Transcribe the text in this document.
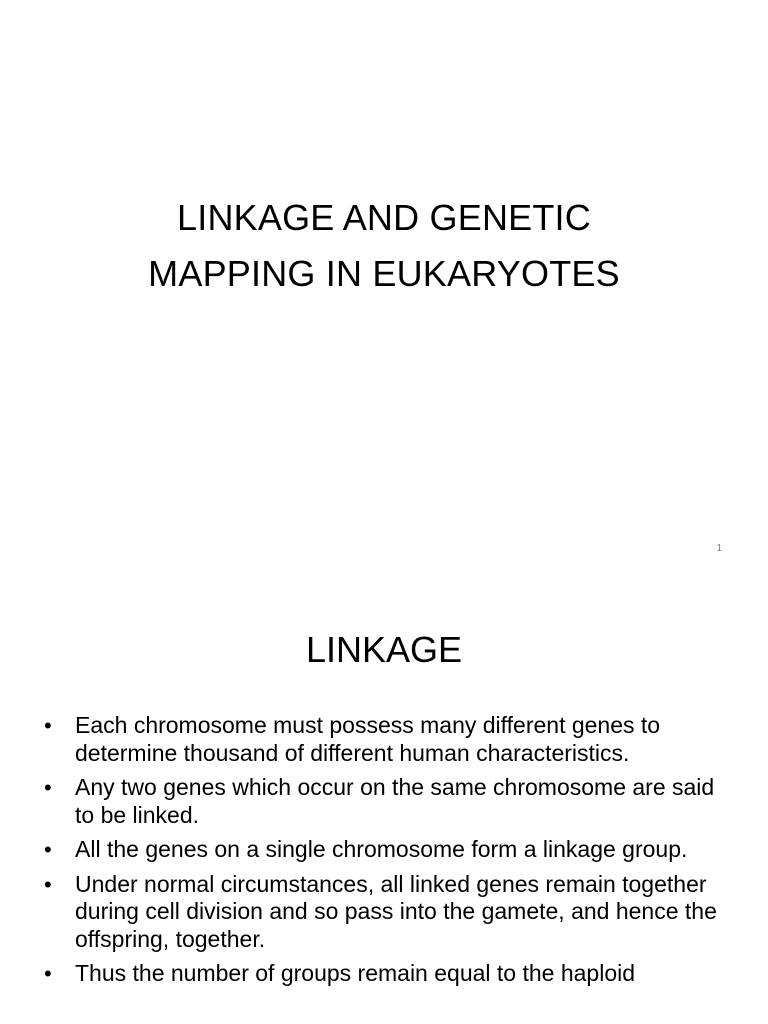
LINKAGE AND GENETIC
MAPPING IN EUKARYOTES
1
LINKAGE
• Each chromosome must possess many different genes to determine thousand of different human characteristics.
• Any two genes which occur on the same chromosome are said to be linked.
• All the genes on a single chromosome form a linkage group.
• Under normal circumstances, all linked genes remain together during cell division and so pass into the gamete, and hence the offspring, together.
• Thus the number of groups remain equal to the haploid
